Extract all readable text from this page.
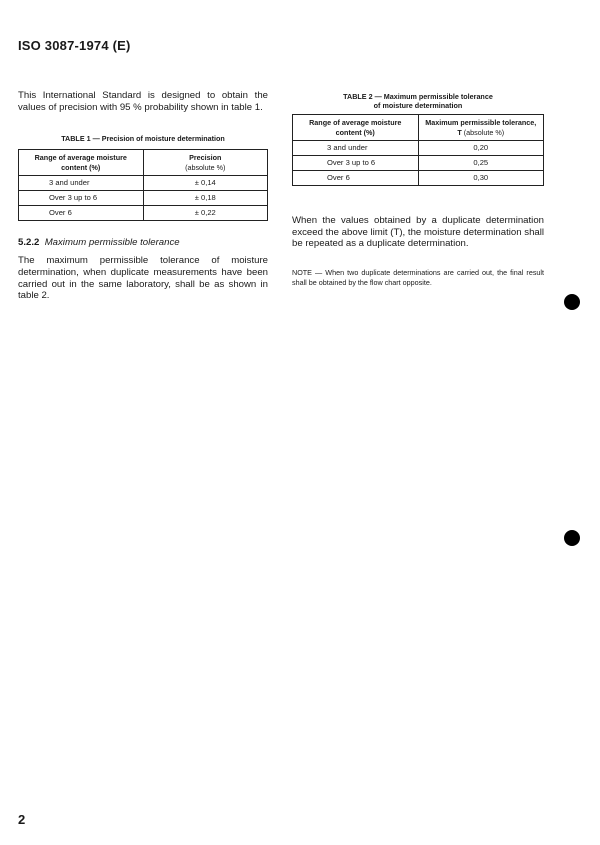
ISO 3087-1974 (E)

This International Standard is designed to obtain the values of precision with 95 % probability shown in table 1.

TABLE 1 — Precision of moisture determination

Range of average moisture content (%)	Precision
(absolute %)
3 and under	± 0,14
Over 3 up to 6	± 0,18
Over 6	± 0,22

5.2.2 Maximum permissible tolerance

The maximum permissible tolerance of moisture determination, when duplicate measurements have been carried out in the same laboratory, shall be as shown in table 2.

TABLE 2 — Maximum permissible tolerance
of moisture determination

Range of average moisture content (%)	Maximum permissible tolerance, T (absolute %)
3 and under	0,20
Over 3 up to 6	0,25
Over 6	0,30

When the values obtained by a duplicate determination exceed the above limit (T), the moisture determination shall be repeated as a duplicate determination.

NOTE — When two duplicate determinations are carried out, the final result shall be obtained by the flow chart opposite.

2
